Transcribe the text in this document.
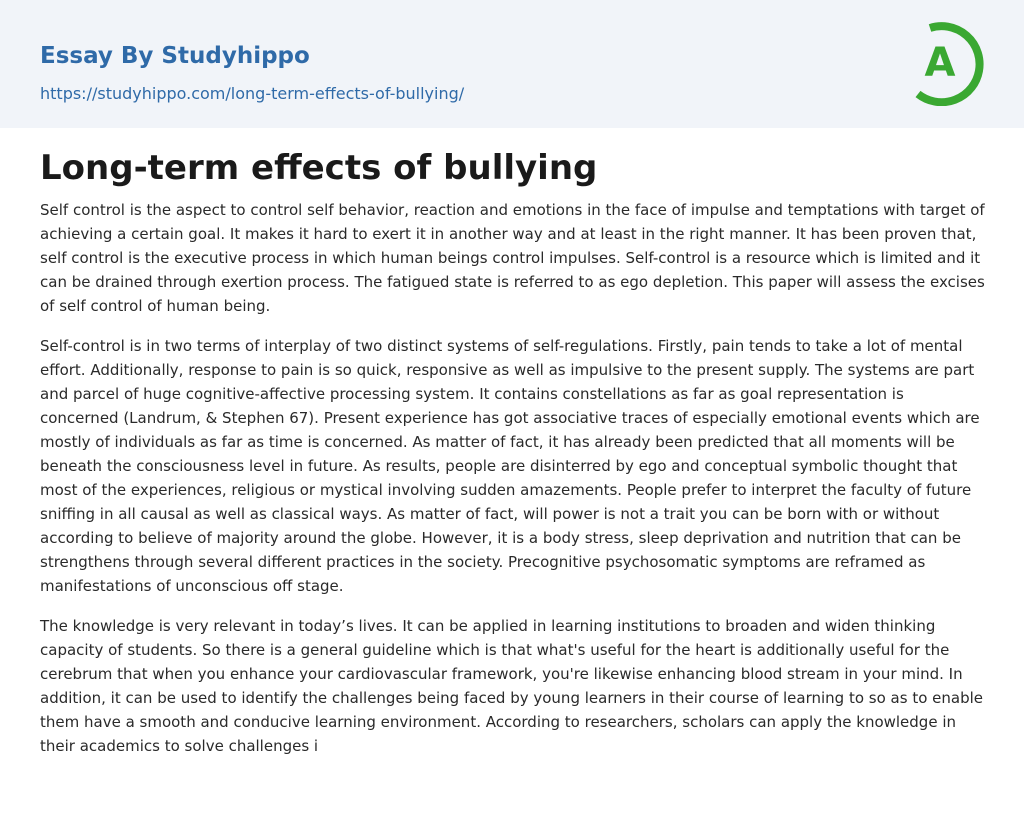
Essay By Studyhippo
https://studyhippo.com/long-term-effects-of-bullying/
A
Long-term effects of bullying

Self control is the aspect to control self behavior, reaction and emotions in the face of impulse and temptations with target of achieving a certain goal. It makes it hard to exert it in another way and at least in the right manner. It has been proven that, self control is the executive process in which human beings control impulses. Self-control is a resource which is limited and it can be drained through exertion process. The fatigued state is referred to as ego depletion. This paper will assess the excises of self control of human being.

Self-control is in two terms of interplay of two distinct systems of self-regulations. Firstly, pain tends to take a lot of mental effort. Additionally, response to pain is so quick, responsive as well as impulsive to the present supply. The systems are part and parcel of huge cognitive-affective processing system. It contains constellations as far as goal representation is concerned (Landrum, & Stephen 67). Present experience has got associative traces of especially emotional events which are mostly of individuals as far as time is concerned. As matter of fact, it has already been predicted that all moments will be beneath the consciousness level in future. As results, people are disinterred by ego and conceptual symbolic thought that most of the experiences, religious or mystical involving sudden amazements. People prefer to interpret the faculty of future sniffing in all causal as well as classical ways. As matter of fact, will power is not a trait you can be born with or without according to believe of majority around the globe. However, it is a body stress, sleep deprivation and nutrition that can be strengthens through several different practices in the society. Precognitive psychosomatic symptoms are reframed as manifestations of unconscious off stage.

The knowledge is very relevant in today’s lives. It can be applied in learning institutions to broaden and widen thinking capacity of students. So there is a general guideline which is that what's useful for the heart is additionally useful for the cerebrum that when you enhance your cardiovascular framework, you're likewise enhancing blood stream in your mind. In addition, it can be used to identify the challenges being faced by young learners in their course of learning to so as to enable them have a smooth and conducive learning environment. According to researchers, scholars can apply the knowledge in their academics to solve challenges i
